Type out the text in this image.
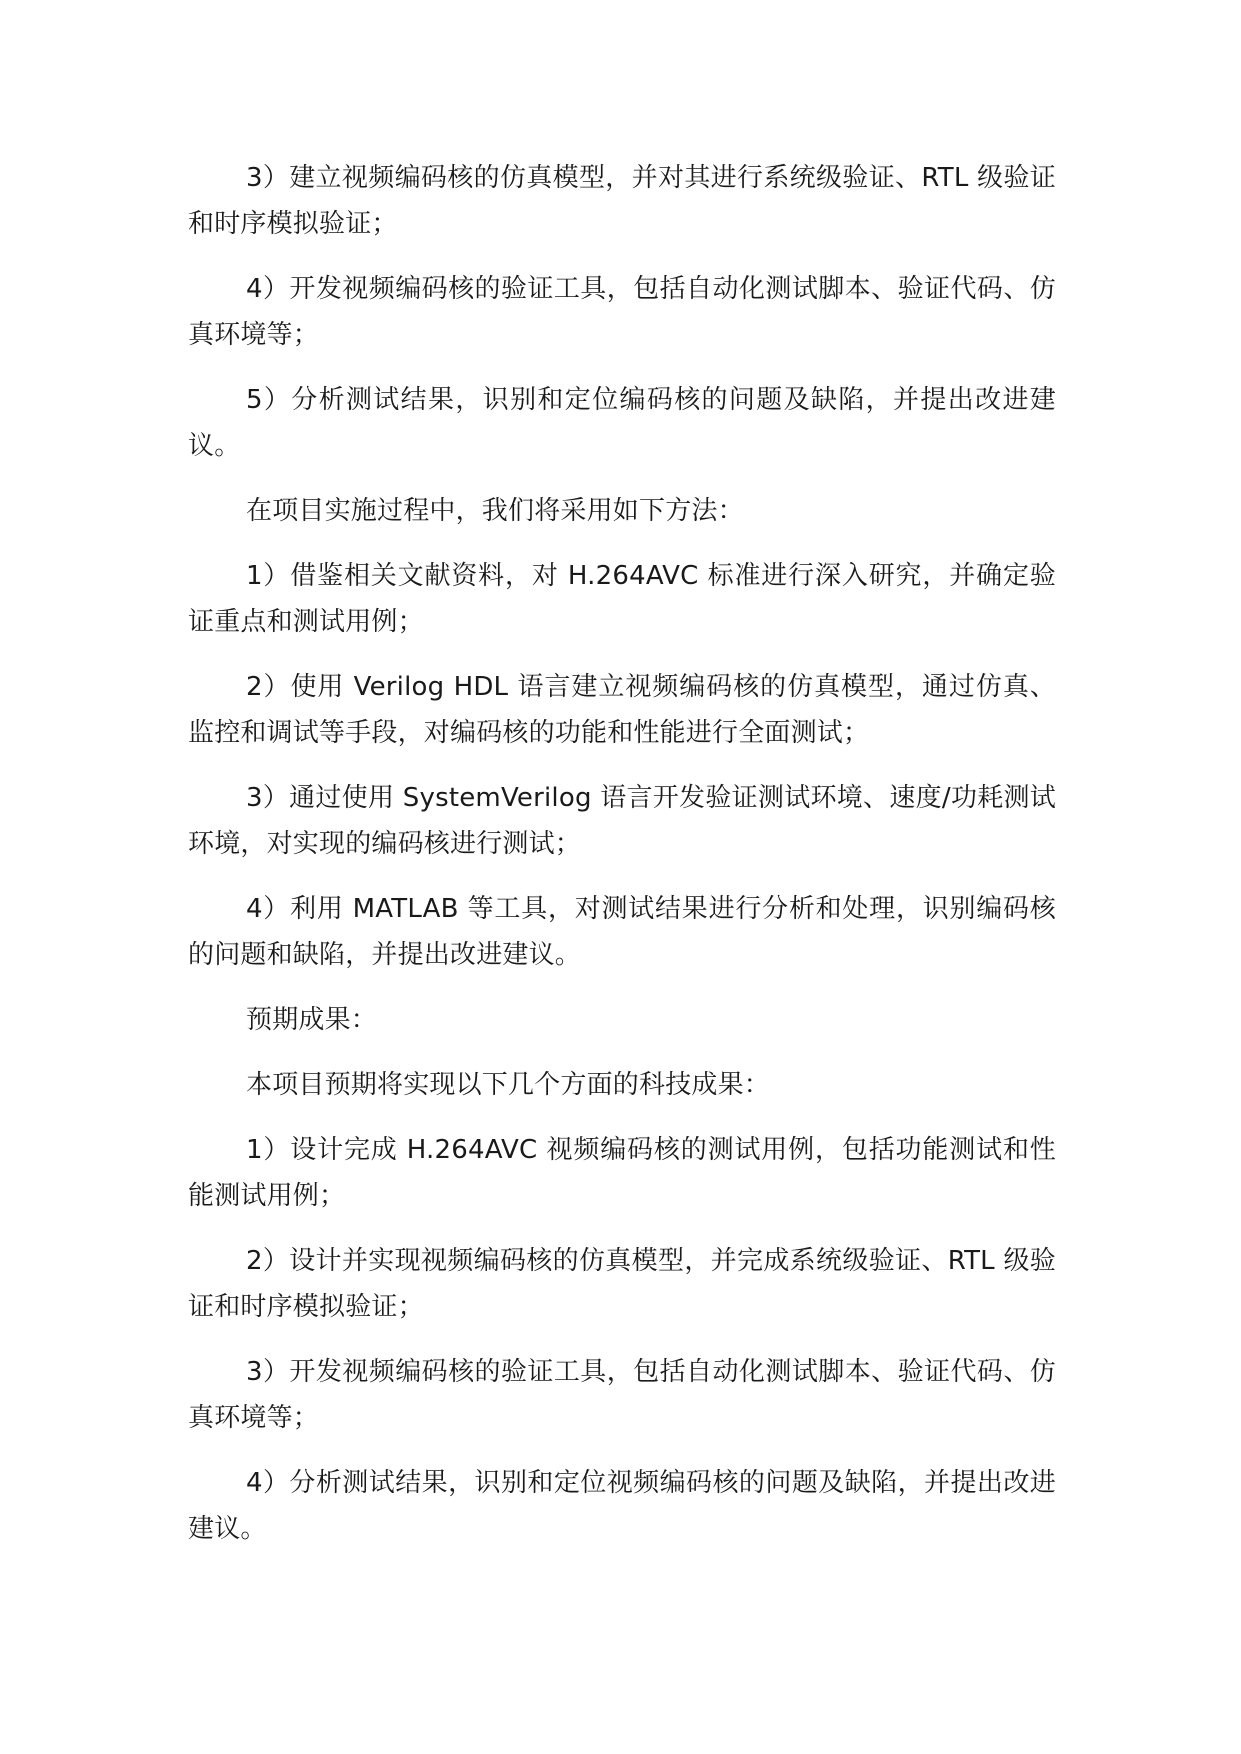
3）建立视频编码核的仿真模型，并对其进行系统级验证、RTL 级验证和时序模拟验证；

4）开发视频编码核的验证工具，包括自动化测试脚本、验证代码、仿真环境等；

5）分析测试结果，识别和定位编码核的问题及缺陷，并提出改进建议。

在项目实施过程中，我们将采用如下方法：

1）借鉴相关文献资料，对 H.264AVC 标准进行深入研究，并确定验证重点和测试用例；

2）使用 Verilog HDL 语言建立视频编码核的仿真模型，通过仿真、监控和调试等手段，对编码核的功能和性能进行全面测试；

3）通过使用 SystemVerilog 语言开发验证测试环境、速度/功耗测试环境，对实现的编码核进行测试；

4）利用 MATLAB 等工具，对测试结果进行分析和处理，识别编码核的问题和缺陷，并提出改进建议。

预期成果：

本项目预期将实现以下几个方面的科技成果：

1）设计完成 H.264AVC 视频编码核的测试用例，包括功能测试和性能测试用例；

2）设计并实现视频编码核的仿真模型，并完成系统级验证、RTL 级验证和时序模拟验证；

3）开发视频编码核的验证工具，包括自动化测试脚本、验证代码、仿真环境等；

4）分析测试结果，识别和定位视频编码核的问题及缺陷，并提出改进建议。
